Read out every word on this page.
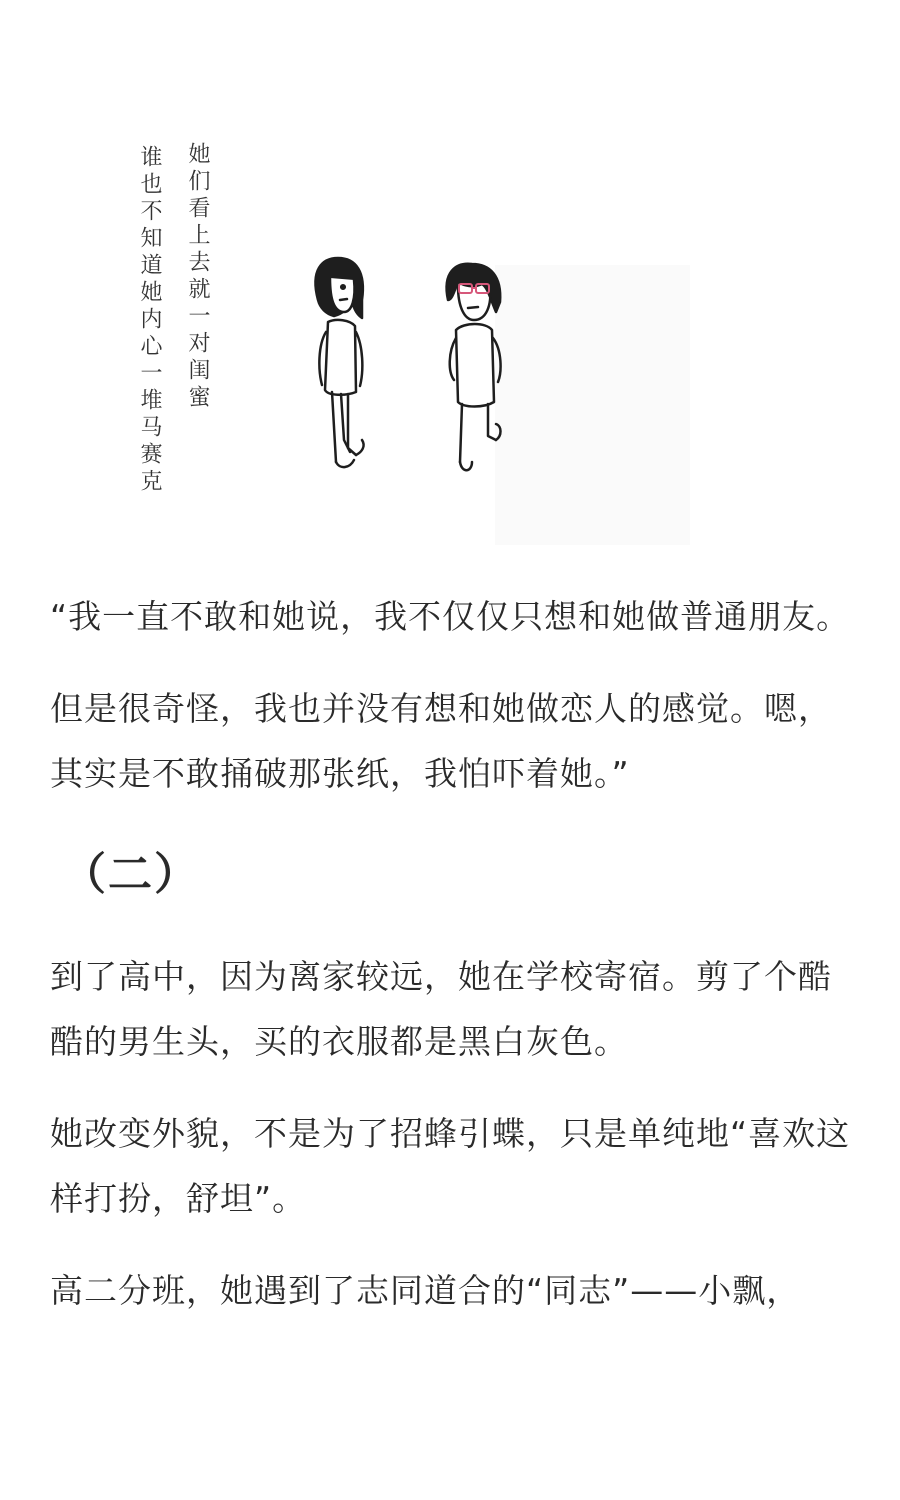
她们看上去就一对闺蜜
谁也不知道她内心一堆马赛克

“我一直不敢和她说，我不仅仅只想和她做普通朋友。

但是很奇怪，我也并没有想和她做恋人的感觉。嗯，其实是不敢捅破那张纸，我怕吓着她。”

（二）

到了高中，因为离家较远，她在学校寄宿。剪了个酷酷的男生头，买的衣服都是黑白灰色。

她改变外貌，不是为了招蜂引蝶，只是单纯地“喜欢这样打扮，舒坦”。

高二分班，她遇到了志同道合的“同志”——小飘，
